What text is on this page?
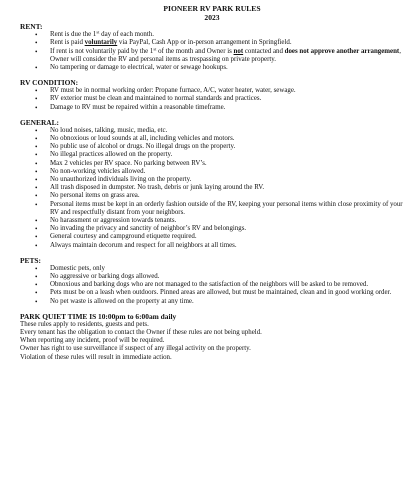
PIONEER RV PARK RULES
2023
RENT:
• Rent is due the 1st day of each month.
• Rent is paid voluntarily via PayPal, Cash App or in-person arrangement in Springfield.
• If rent is not voluntarily paid by the 1st of the month and Owner is not contacted and does not approve another arrangement, Owner will consider the RV and personal items as trespassing on private property.
• No tampering or damage to electrical, water or sewage hookups.
RV CONDITION:
• RV must be in normal working order: Propane furnace, A/C, water heater, water, sewage.
• RV exterior must be clean and maintained to normal standards and practices.
• Damage to RV must be repaired within a reasonable timeframe.
GENERAL:
• No loud noises, talking, music, media, etc.
• No obnoxious or loud sounds at all, including vehicles and motors.
• No public use of alcohol or drugs. No illegal drugs on the property.
• No illegal practices allowed on the property.
• Max 2 vehicles per RV space. No parking between RV’s.
• No non-working vehicles allowed.
• No unauthorized individuals living on the property.
• All trash disposed in dumpster. No trash, debris or junk laying around the RV.
• No personal items on grass area.
• Personal items must be kept in an orderly fashion outside of the RV, keeping your personal items within close proximity of your RV and respectfully distant from your neighbors.
• No harassment or aggression towards tenants.
• No invading the privacy and sanctity of neighbor’s RV and belongings.
• General courtesy and campground etiquette required.
• Always maintain decorum and respect for all neighbors at all times.
PETS:
• Domestic pets, only
• No aggressive or barking dogs allowed.
• Obnoxious and barking dogs who are not managed to the satisfaction of the neighbors will be asked to be removed.
• Pets must be on a leash when outdoors. Pinned areas are allowed, but must be maintained, clean and in good working order.
• No pet waste is allowed on the property at any time.
PARK QUIET TIME IS 10:00pm to 6:00am daily
These rules apply to residents, guests and pets.
Every tenant has the obligation to contact the Owner if these rules are not being upheld.
When reporting any incident, proof will be required.
Owner has right to use surveillance if suspect of any illegal activity on the property.
Violation of these rules will result in immediate action.
